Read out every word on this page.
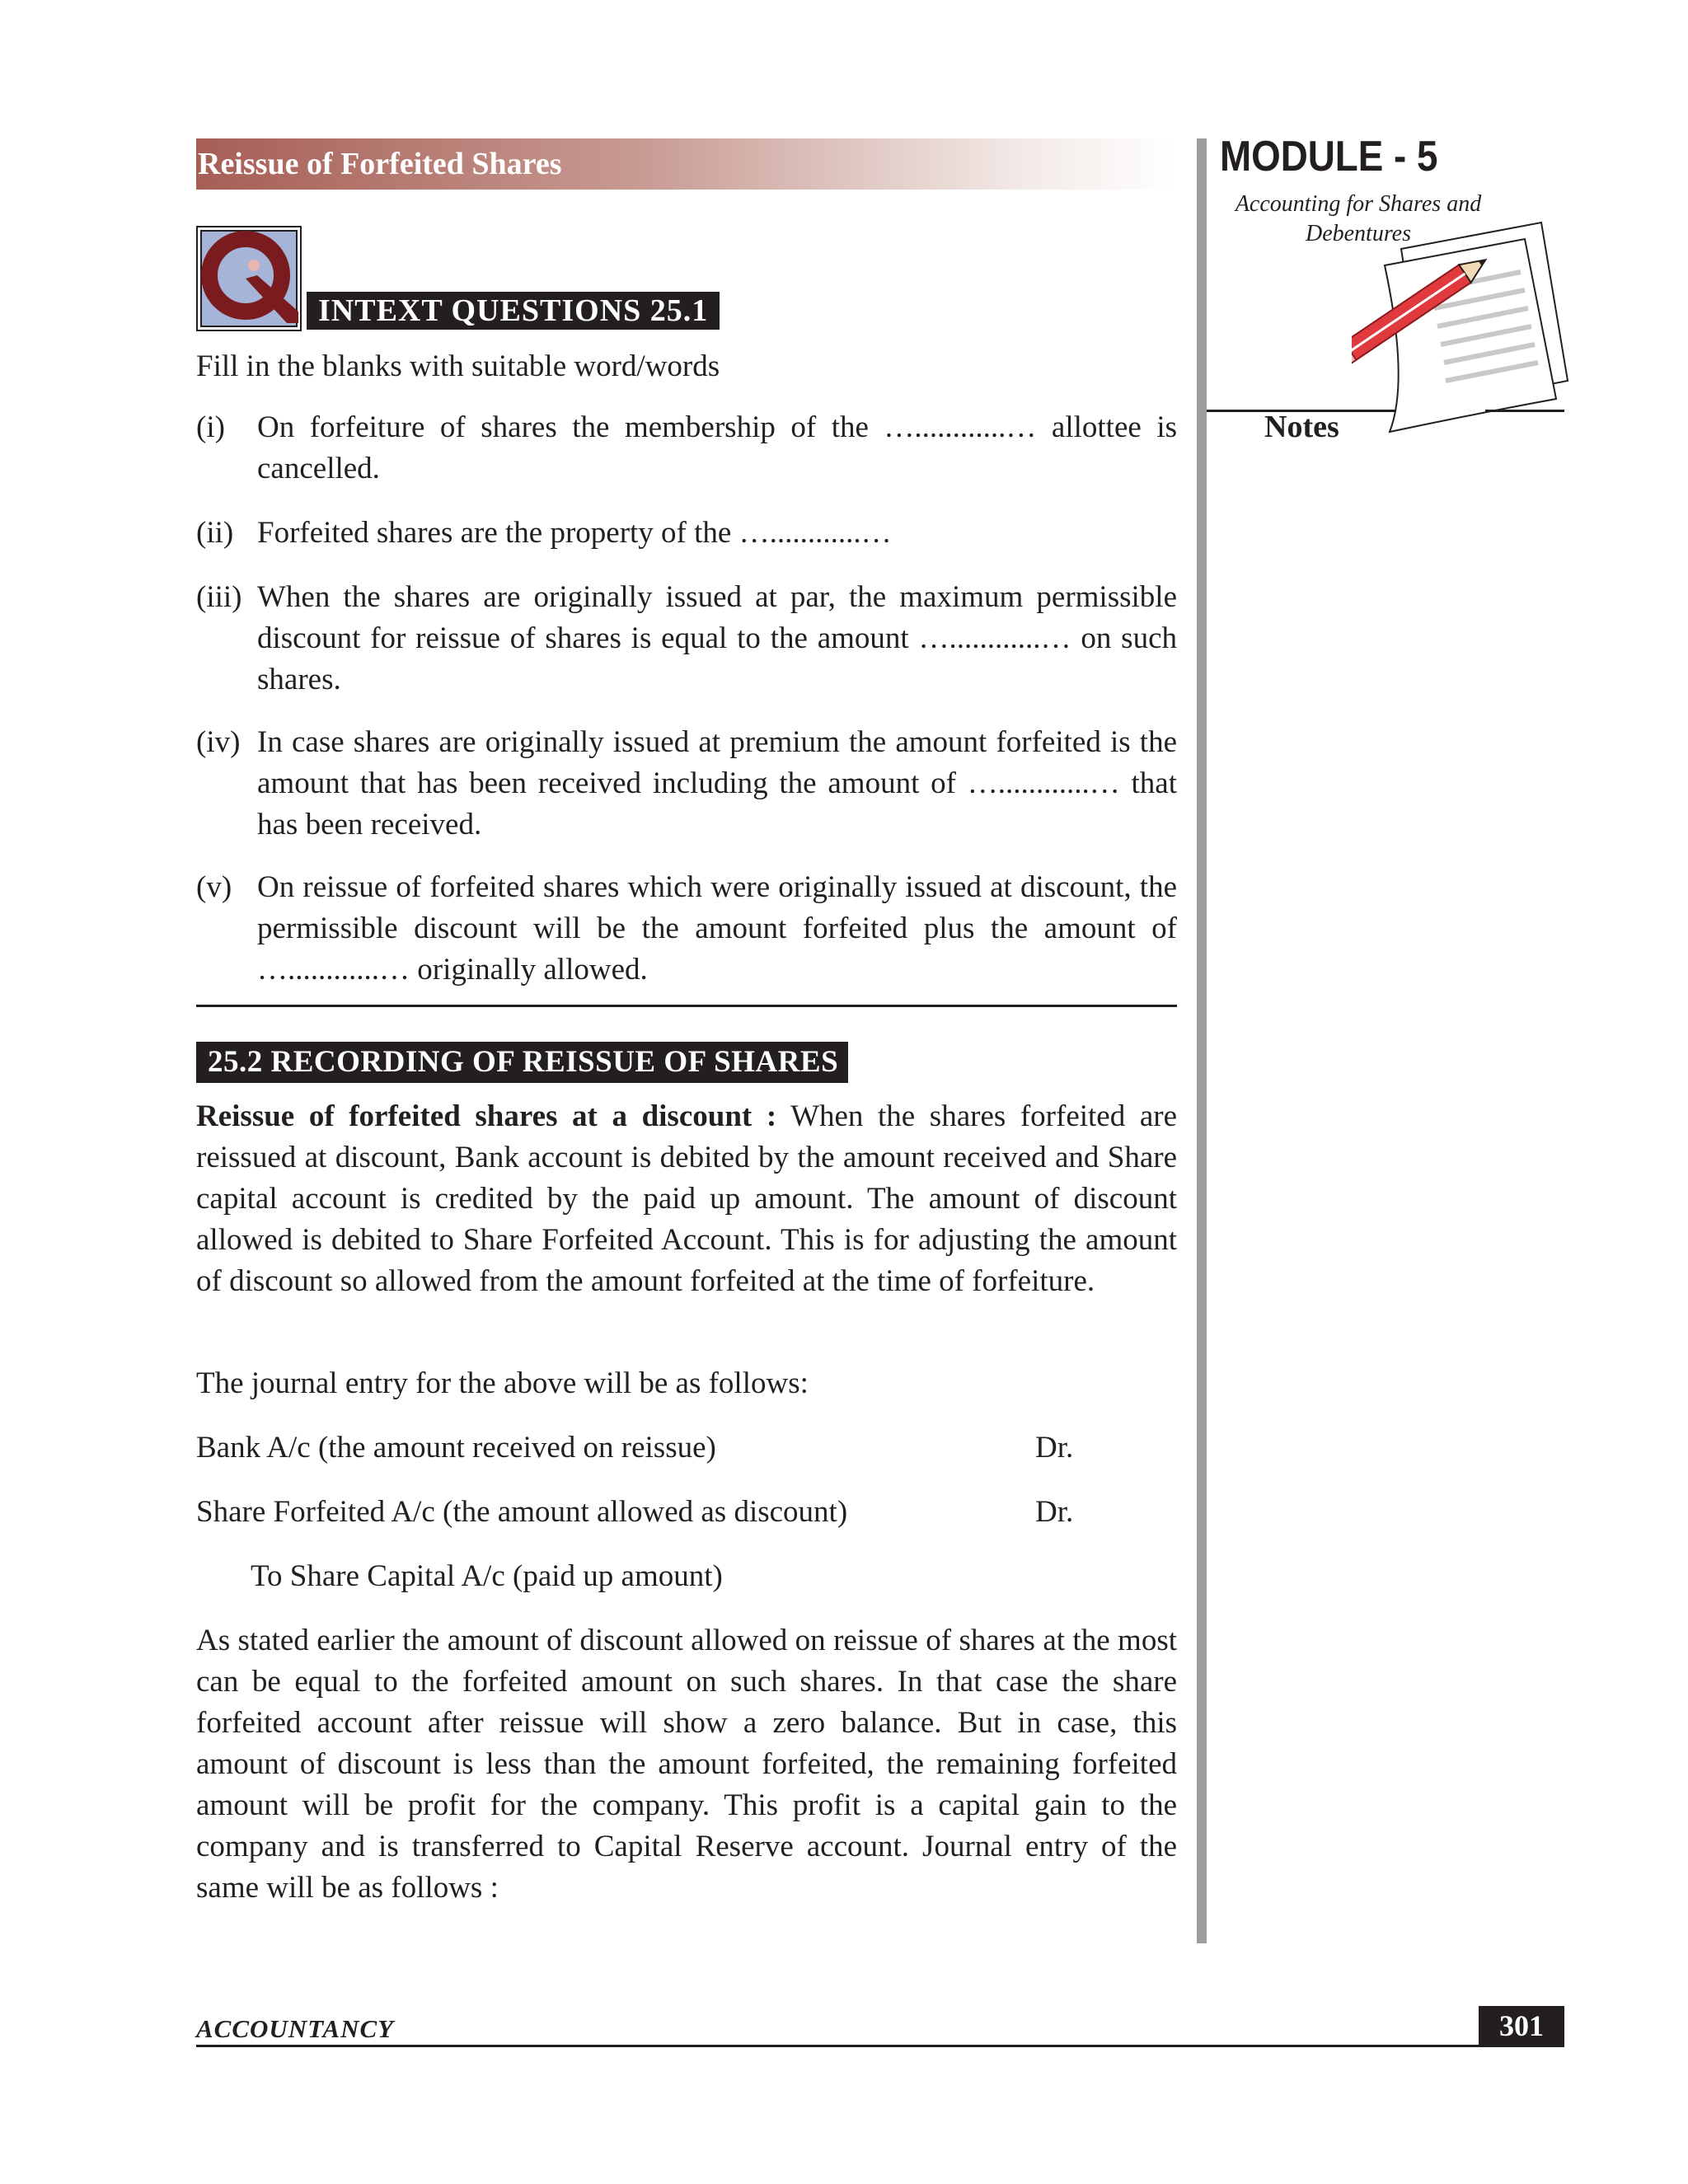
Reissue of Forfeited Shares	MODULE - 5
Accounting for Shares and Debentures
Notes
INTEXT QUESTIONS 25.1
Fill in the blanks with suitable word/words
(i) On forfeiture of shares the membership of the …............… allottee is cancelled.
(ii) Forfeited shares are the property of the …............…
(iii) When the shares are originally issued at par, the maximum permissible discount for reissue of shares is equal to the amount …............… on such shares.
(iv) In case shares are originally issued at premium the amount forfeited is the amount that has been received including the amount of …............… that has been received.
(v) On reissue of forfeited shares which were originally issued at discount, the permissible discount will be the amount forfeited plus the amount of …............… originally allowed.
25.2 RECORDING OF REISSUE OF SHARES
Reissue of forfeited shares at a discount : When the shares forfeited are reissued at discount, Bank account is debited by the amount received and Share capital account is credited by the paid up amount. The amount of discount allowed is debited to Share Forfeited Account. This is for adjusting the amount of discount so allowed from the amount forfeited at the time of forfeiture.
The journal entry for the above will be as follows:
Bank A/c (the amount received on reissue)	Dr.
Share Forfeited A/c (the amount allowed as discount)	Dr.
To Share Capital A/c (paid up amount)
As stated earlier the amount of discount allowed on reissue of shares at the most can be equal to the forfeited amount on such shares. In that case the share forfeited account after reissue will show a zero balance. But in case, this amount of discount is less than the amount forfeited, the remaining forfeited amount will be profit for the company. This profit is a capital gain to the company and is transferred to Capital Reserve account. Journal entry of the same will be as follows :
ACCOUNTANCY	301
